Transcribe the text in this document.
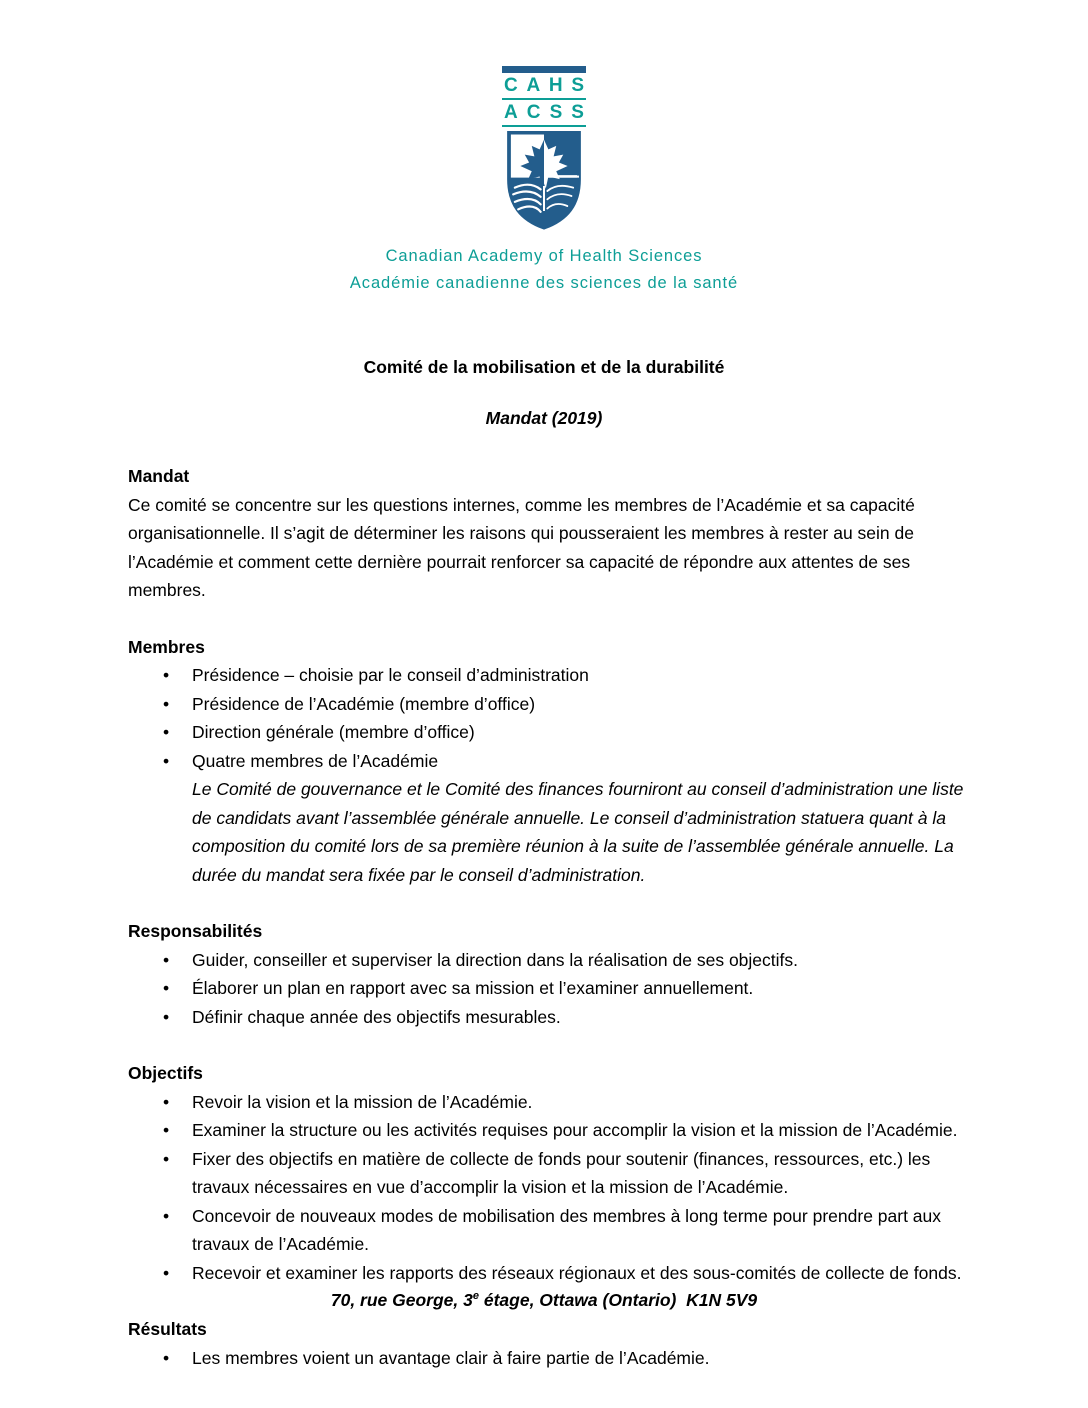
C A H S
A C S S
Canadian Academy of Health Sciences
Académie canadienne des sciences de la santé
Comité de la mobilisation et de la durabilité
Mandat (2019)
Mandat

Ce comité se concentre sur les questions internes, comme les membres de l’Académie et sa capacité organisationnelle. Il s’agit de déterminer les raisons qui pousseraient les membres à rester au sein de l’Académie et comment cette dernière pourrait renforcer sa capacité de répondre aux attentes de ses membres.

Membres
• Présidence – choisie par le conseil d’administration
• Présidence de l’Académie (membre d’office)
• Direction générale (membre d’office)
• Quatre membres de l’Académie

Le Comité de gouvernance et le Comité des finances fourniront au conseil d’administration une liste de candidats avant l’assemblée générale annuelle. Le conseil d’administration statuera quant à la composition du comité lors de sa première réunion à la suite de l’assemblée générale annuelle. La durée du mandat sera fixée par le conseil d’administration.

Responsabilités
• Guider, conseiller et superviser la direction dans la réalisation de ses objectifs.
• Élaborer un plan en rapport avec sa mission et l’examiner annuellement.
• Définir chaque année des objectifs mesurables.
Objectifs
• Revoir la vision et la mission de l’Académie.
• Examiner la structure ou les activités requises pour accomplir la vision et la mission de l’Académie.
• Fixer des objectifs en matière de collecte de fonds pour soutenir (finances, ressources, etc.) les travaux nécessaires en vue d’accomplir la vision et la mission de l’Académie.
• Concevoir de nouveaux modes de mobilisation des membres à long terme pour prendre part aux travaux de l’Académie.
• Recevoir et examiner les rapports des réseaux régionaux et des sous-comités de collecte de fonds.
Résultats
• Les membres voient un avantage clair à faire partie de l’Académie.
70, rue George, 3e étage, Ottawa (Ontario)  K1N 5V9
